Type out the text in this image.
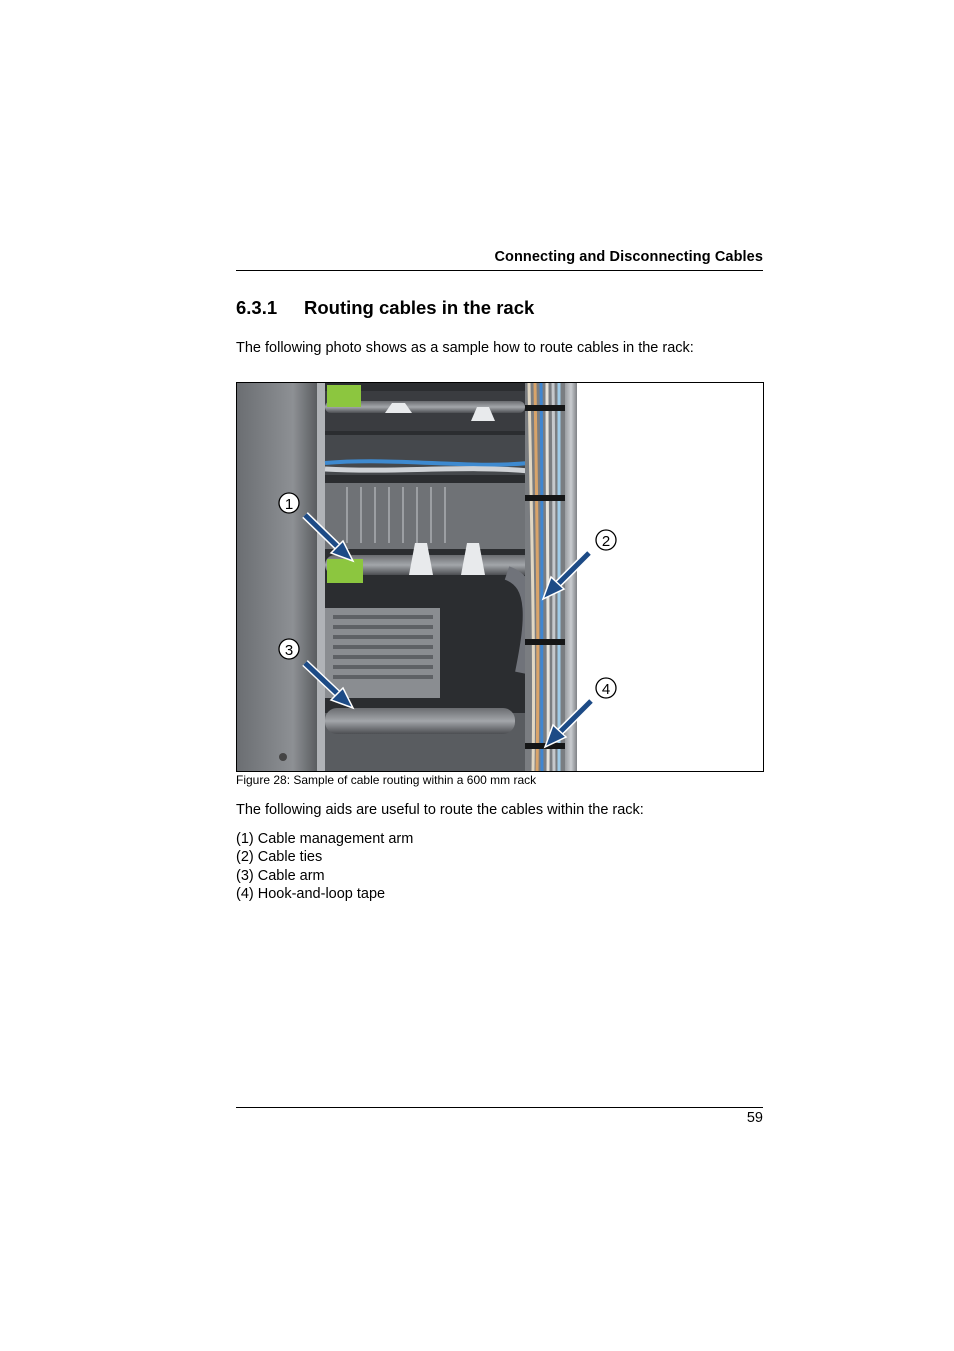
Connecting and Disconnecting Cables
6.3.1 Routing cables in the rack
The following photo shows as a sample how to route cables in the rack:
1
2
3
4
Figure 28: Sample of cable routing within a 600 mm rack
The following aids are useful to route the cables within the rack:
(1) Cable management arm
(2) Cable ties
(3) Cable arm
(4) Hook-and-loop tape
59
